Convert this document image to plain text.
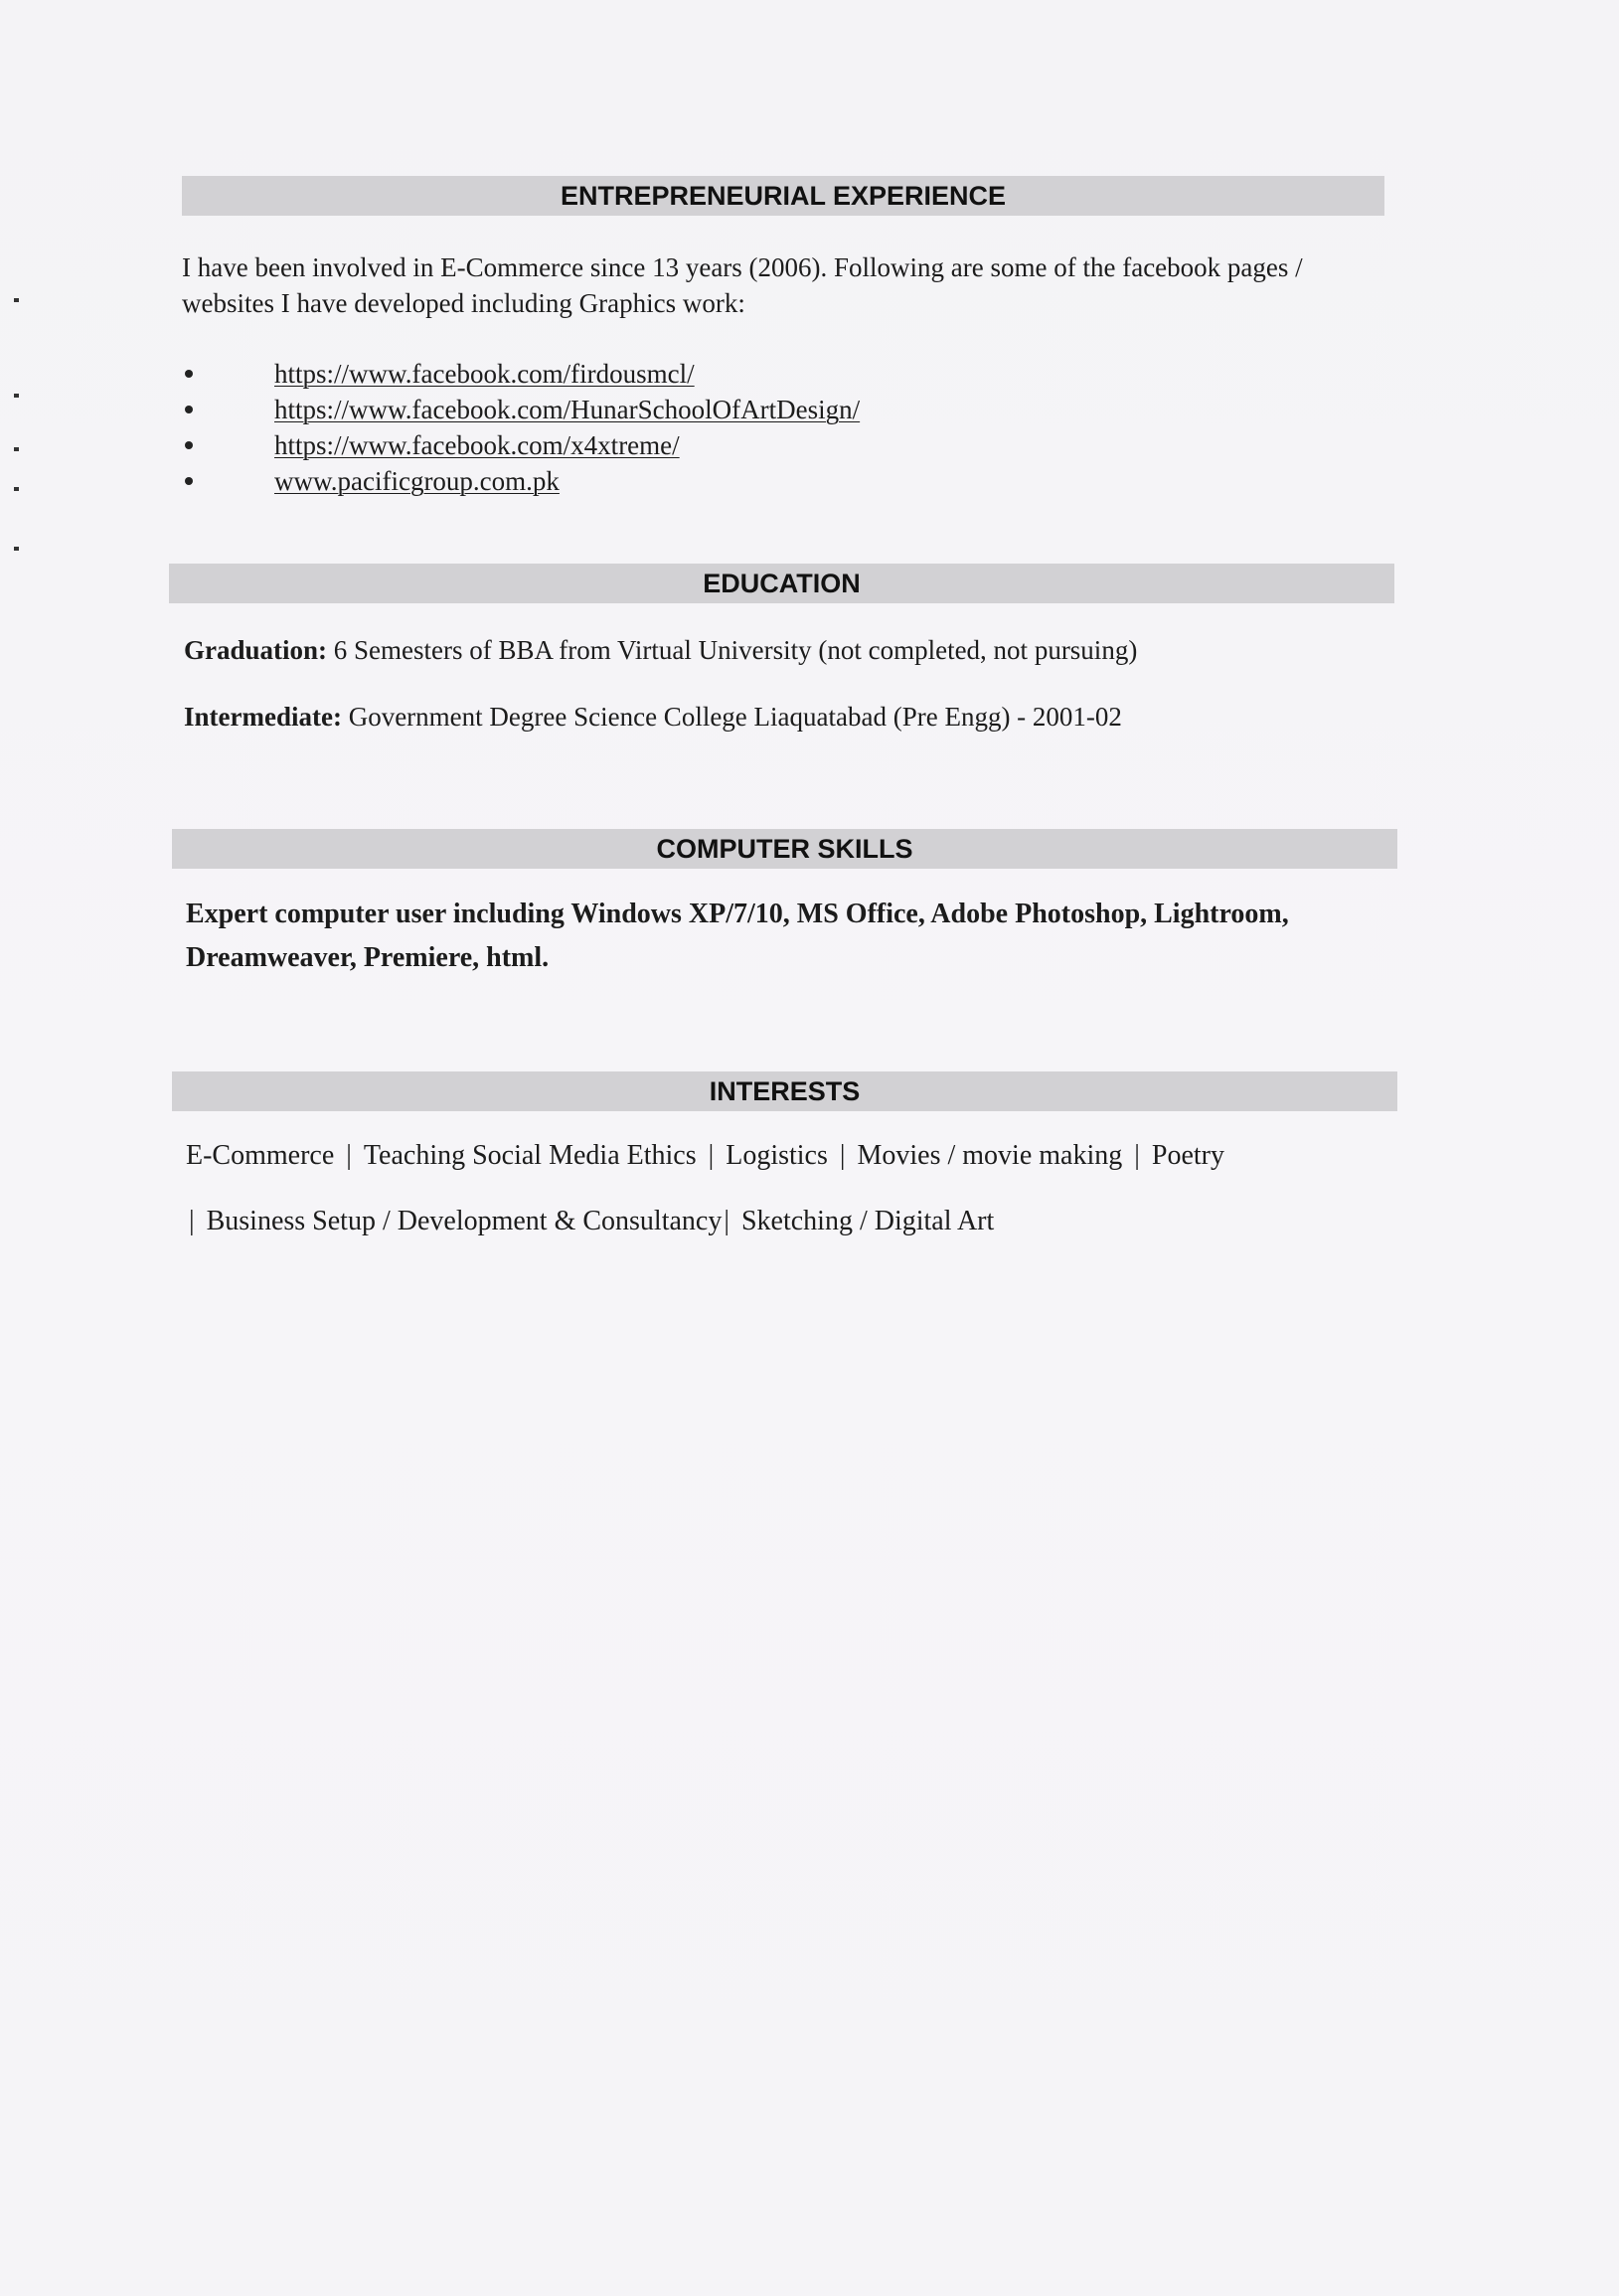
ENTREPRENEURIAL EXPERIENCE

I have been involved in E-Commerce since 13 years (2006). Following are some of the facebook pages /

websites I have developed including Graphics work:

https://www.facebook.com/firdousmcl/
https://www.facebook.com/HunarSchoolOfArtDesign/
https://www.facebook.com/x4xtreme/
www.pacificgroup.com.pk
EDUCATION
Graduation: 6 Semesters of BBA from Virtual University (not completed, not pursuing)
Intermediate: Government Degree Science College Liaquatabad (Pre Engg) - 2001-02
COMPUTER SKILLS
Expert computer user including Windows XP/7/10, MS Office, Adobe Photoshop, Lightroom,
Dreamweaver, Premiere, html.
INTERESTS
E-Commerce | Teaching Social Media Ethics | Logistics | Movies / movie making | Poetry
| Business Setup / Development & Consultancy| Sketching / Digital Art
